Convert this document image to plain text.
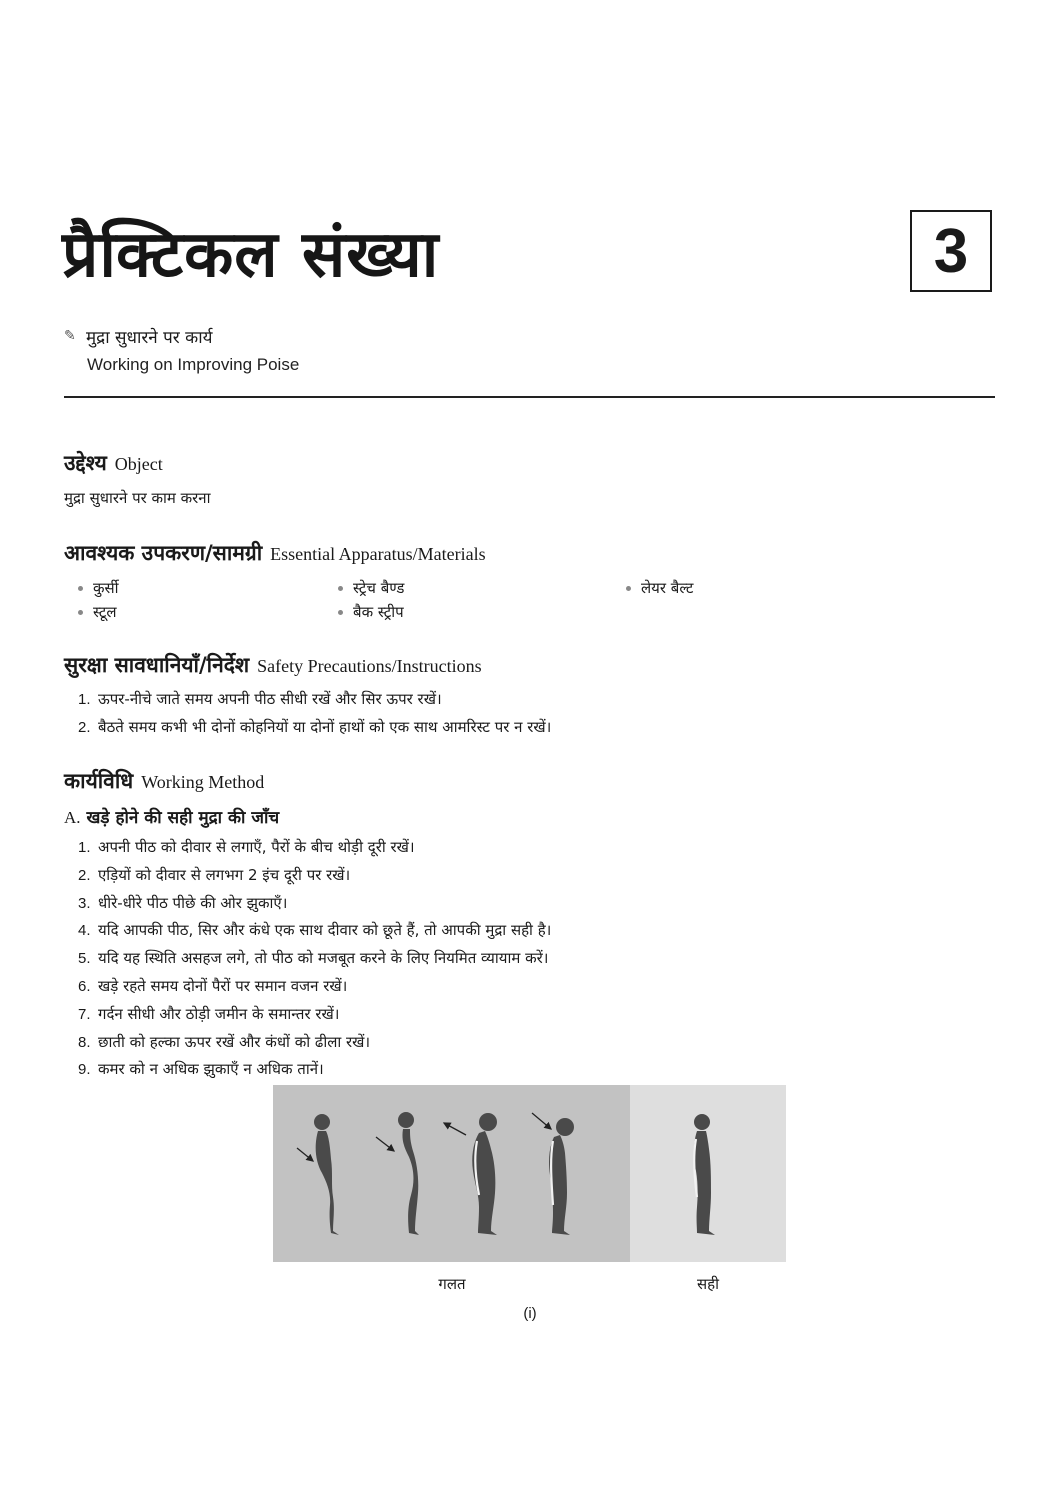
प्रैक्टिकल संख्या	3
✎ मुद्रा सुधारने पर कार्य
Working on Improving Poise
उद्देश्य Object
मुद्रा सुधारने पर काम करना
आवश्यक उपकरण/सामग्री Essential Apparatus/Materials
कुर्सी
स्टूल
स्ट्रेच बैण्ड
बैक स्ट्रीप
लेयर बैल्ट
सुरक्षा सावधानियाँ/निर्देश Safety Precautions/Instructions
1. ऊपर-नीचे जाते समय अपनी पीठ सीधी रखें और सिर ऊपर रखें।
2. बैठते समय कभी भी दोनों कोहनियों या दोनों हाथों को एक साथ आमरिस्ट पर न रखें।
कार्यविधि Working Method
A. खड़े होने की सही मुद्रा की जाँच
1. अपनी पीठ को दीवार से लगाएँ, पैरों के बीच थोड़ी दूरी रखें।
2. एड़ियों को दीवार से लगभग 2 इंच दूरी पर रखें।
3. धीरे-धीरे पीठ पीछे की ओर झुकाएँ।
4. यदि आपकी पीठ, सिर और कंधे एक साथ दीवार को छूते हैं, तो आपकी मुद्रा सही है।
5. यदि यह स्थिति असहज लगे, तो पीठ को मजबूत करने के लिए नियमित व्यायाम करें।
6. खड़े रहते समय दोनों पैरों पर समान वजन रखें।
7. गर्दन सीधी और ठोड़ी जमीन के समान्तर रखें।
8. छाती को हल्का ऊपर रखें और कंधों को ढीला रखें।
9. कमर को न अधिक झुकाएँ न अधिक तानें।
गलत	सही
(i)
